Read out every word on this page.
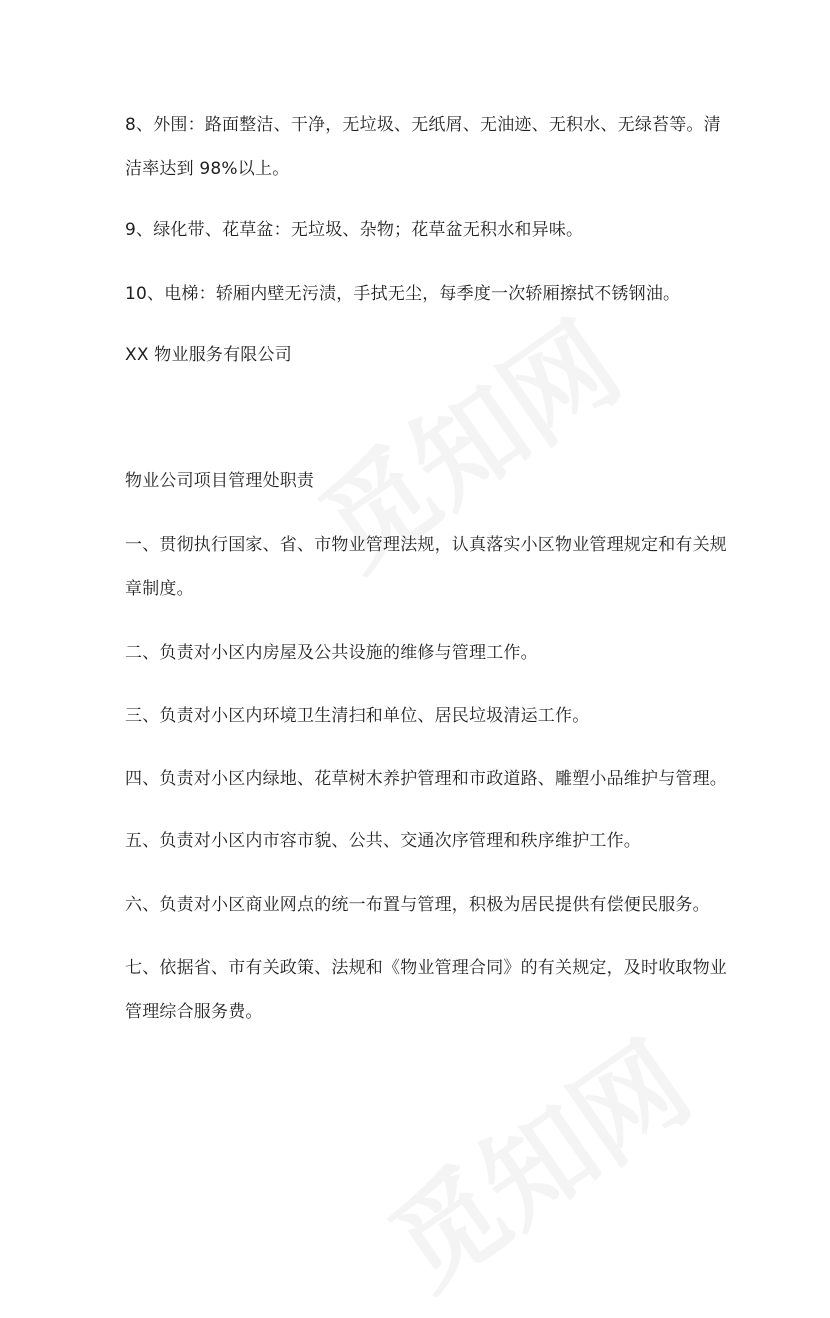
8、外围：路面整洁、干净，无垃圾、无纸屑、无油迹、无积水、无绿苔等。清
洁率达到 98%以上。
9、绿化带、花草盆：无垃圾、杂物；花草盆无积水和异味。
10、电梯：轿厢内壁无污渍，手拭无尘，每季度一次轿厢擦拭不锈钢油。
XX 物业服务有限公司
物业公司项目管理处职责
一、贯彻执行国家、省、市物业管理法规，认真落实小区物业管理规定和有关规
章制度。
二、负责对小区内房屋及公共设施的维修与管理工作。
三、负责对小区内环境卫生清扫和单位、居民垃圾清运工作。
四、负责对小区内绿地、花草树木养护管理和市政道路、雕塑小品维护与管理。
五、负责对小区内市容市貌、公共、交通次序管理和秩序维护工作。
六、负责对小区商业网点的统一布置与管理，积极为居民提供有偿便民服务。
七、依据省、市有关政策、法规和《物业管理合同》的有关规定，及时收取物业
管理综合服务费。
